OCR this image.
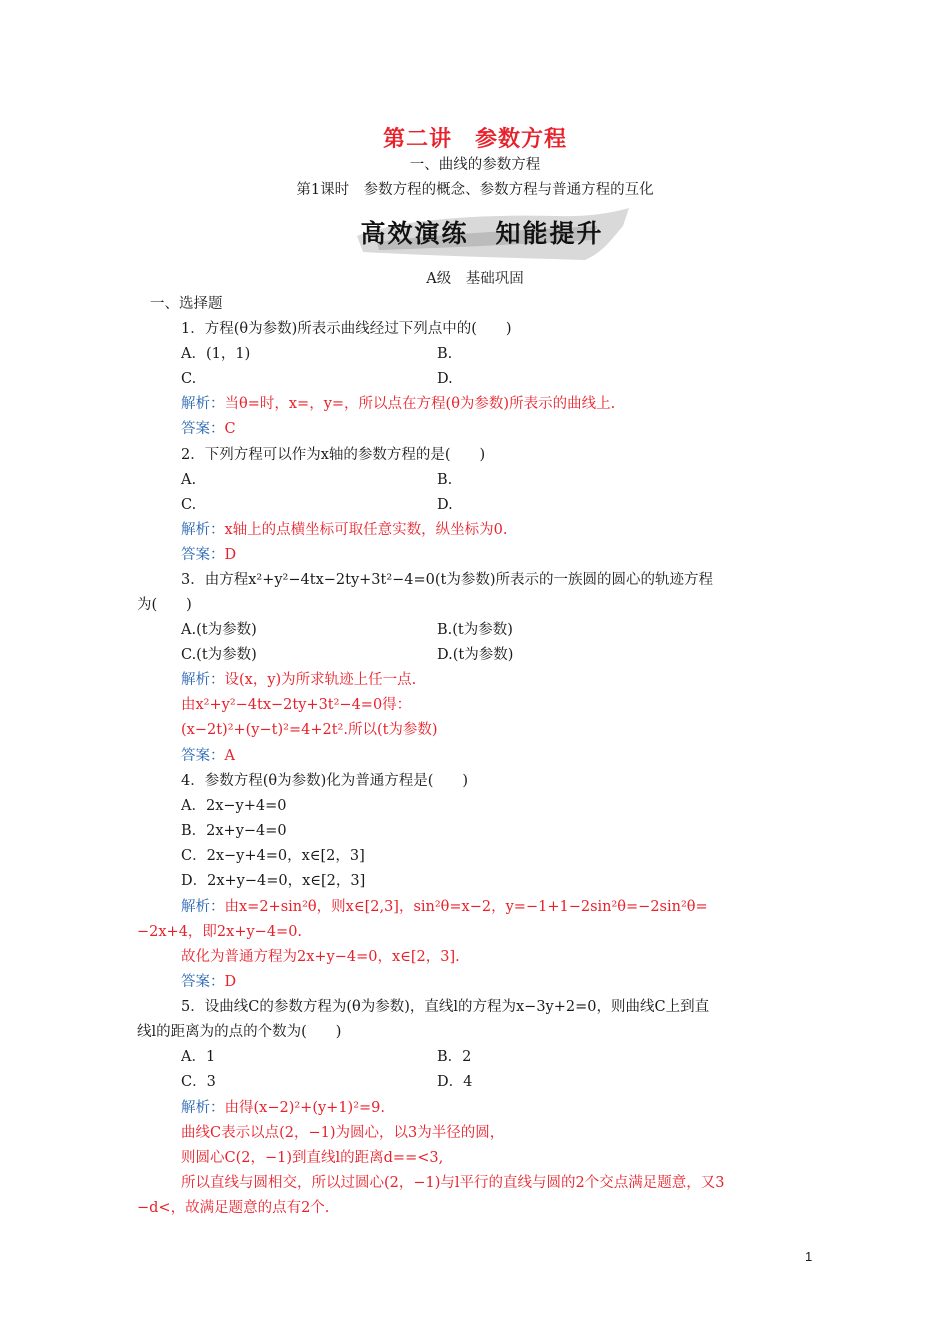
第二讲　参数方程
一、曲线的参数方程
第1课时　参数方程的概念、参数方程与普通方程的互化
高效演练　知能提升
A级　基础巩固
一、选择题
1．方程(θ为参数)所表示曲线经过下列点中的(　　)
A．(1，1)	B.
C.	D.
解析：当θ=时，x=，y=，所以点在方程(θ为参数)所表示的曲线上.
答案：C
2．下列方程可以作为x轴的参数方程的是(　　)
A.	B.
C.	D.
解析：x轴上的点横坐标可取任意实数，纵坐标为0.
答案：D
3．由方程x²+y²−4tx−2ty+3t²−4=0(t为参数)所表示的一族圆的圆心的轨迹方程
为(　　)
A.(t为参数)	B.(t为参数)
C.(t为参数)	D.(t为参数)
解析：设(x，y)为所求轨迹上任一点.
由x²+y²−4tx−2ty+3t²−4=0得：
(x−2t)²+(y−t)²=4+2t².所以(t为参数)
答案：A
4．参数方程(θ为参数)化为普通方程是(　　)
A．2x−y+4=0
B．2x+y−4=0
C．2x−y+4=0，x∈[2，3]
D．2x+y−4=0，x∈[2，3]
解析：由x=2+sin²θ，则x∈[2,3]，sin²θ=x−2，y=−1+1−2sin²θ=−2sin²θ=
−2x+4，即2x+y−4=0.
故化为普通方程为2x+y−4=0，x∈[2，3].
答案：D
5．设曲线C的参数方程为(θ为参数)，直线l的方程为x−3y+2=0，则曲线C上到直
线l的距离为的点的个数为(　　)
A．1	B．2
C．3	D．4
解析：由得(x−2)²+(y+1)²=9.
曲线C表示以点(2，−1)为圆心，以3为半径的圆，
则圆心C(2，−1)到直线l的距离d==<3,
所以直线与圆相交，所以过圆心(2，−1)与l平行的直线与圆的2个交点满足题意，又3
−d<，故满足题意的点有2个.
1
